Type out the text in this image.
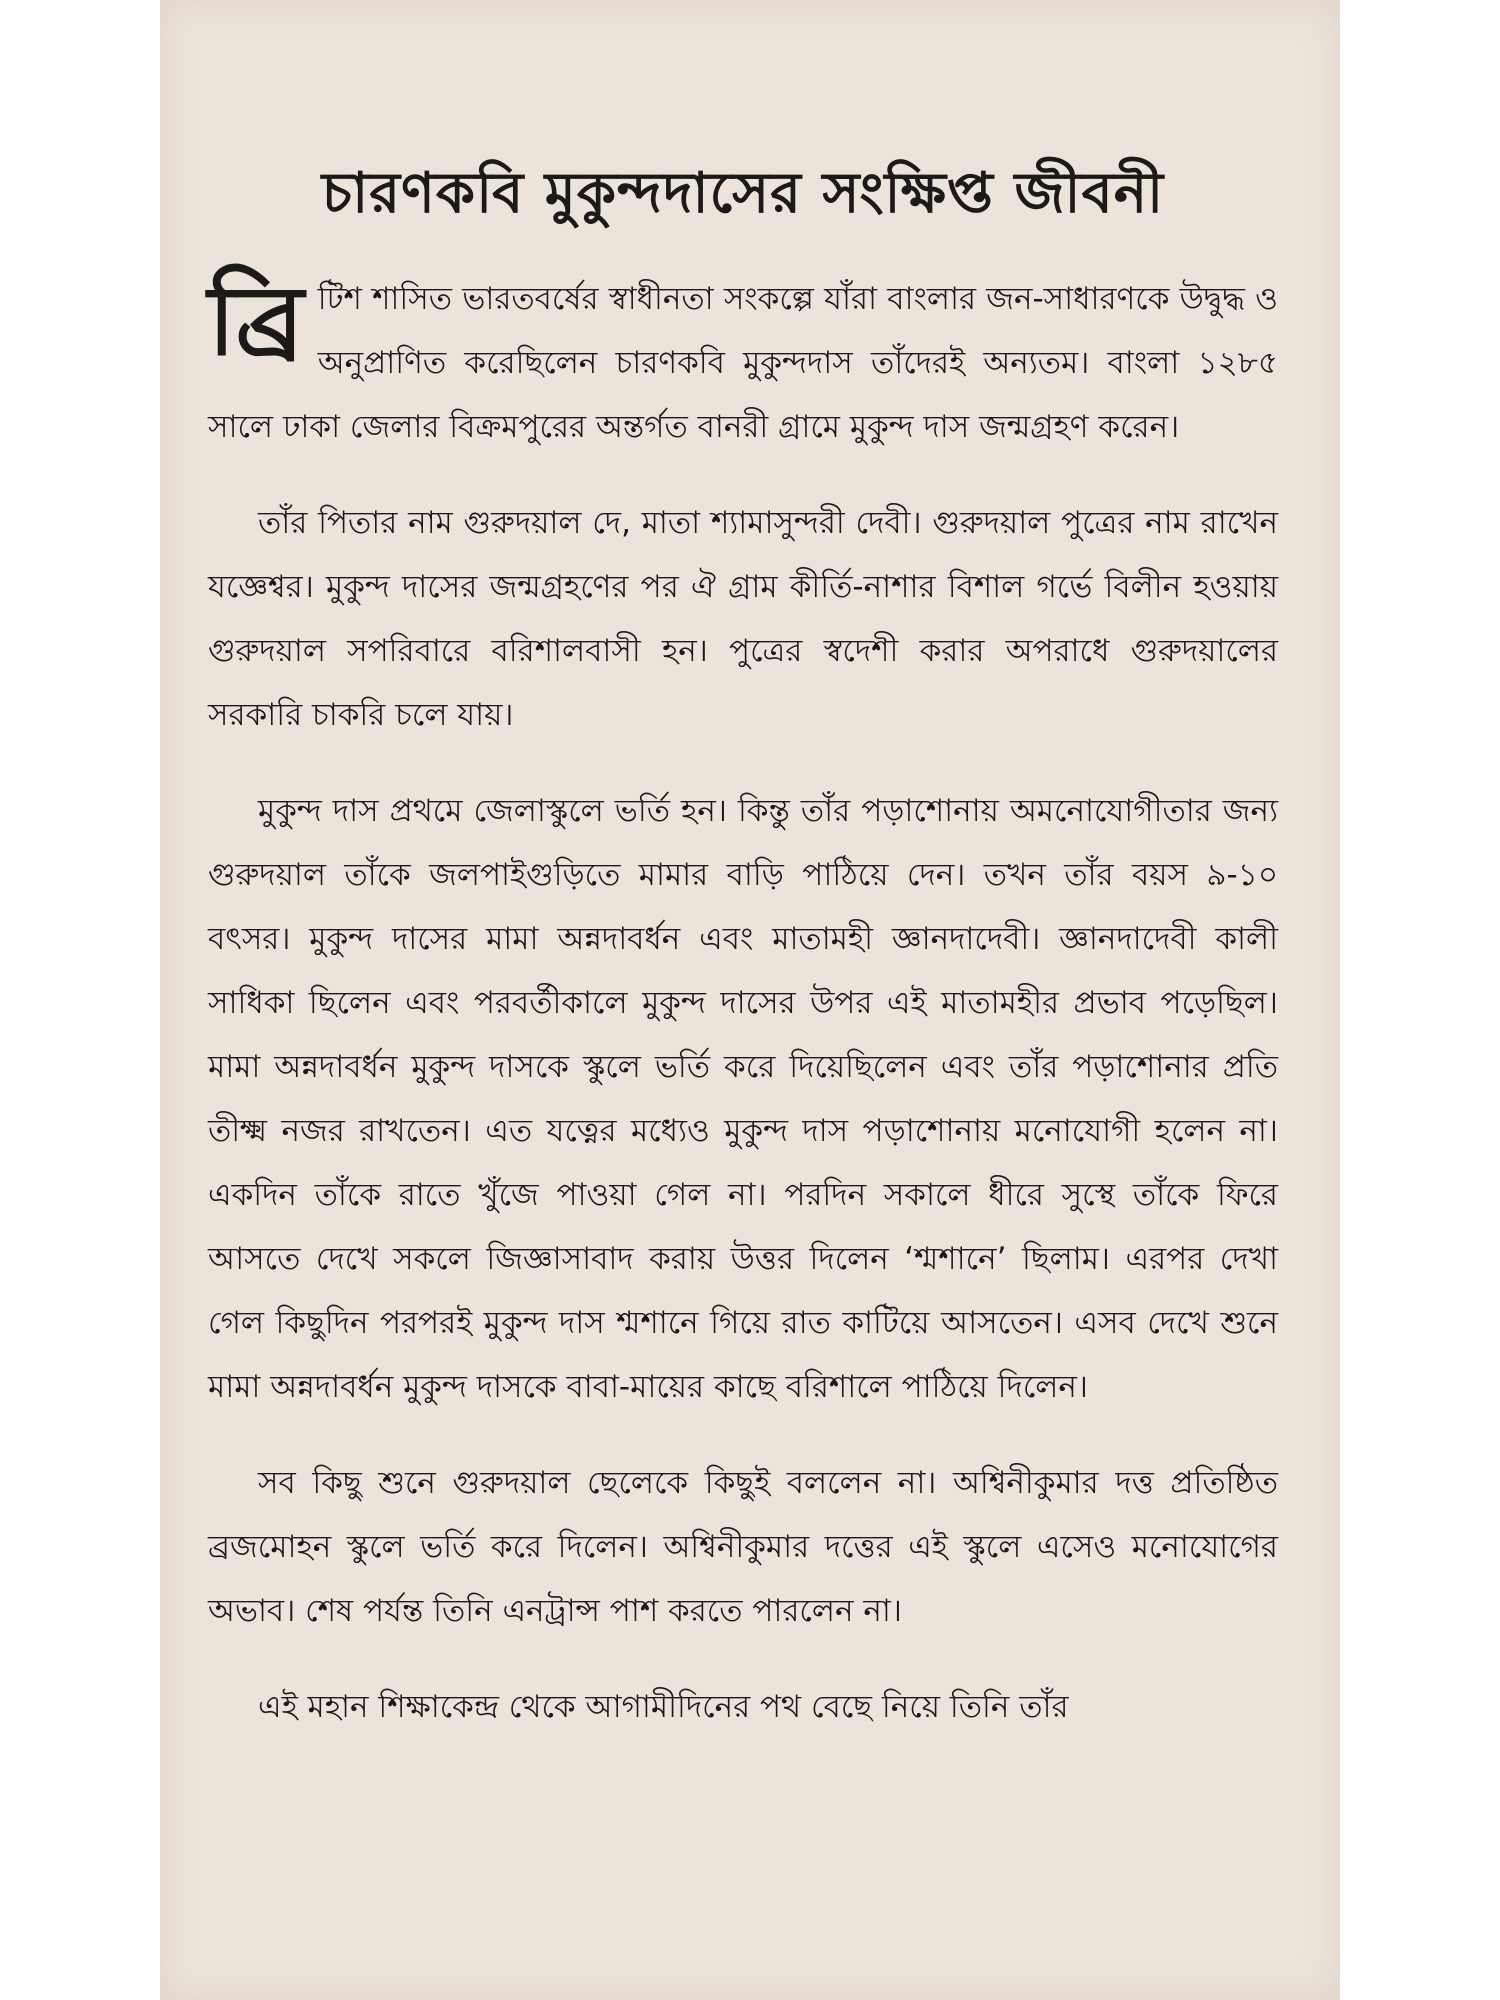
চারণকবি মুকুন্দদাসের সংক্ষিপ্ত জীবনী

ব্রি টিশ শাসিত ভারতবর্ষের স্বাধীনতা সংকল্পে যাঁরা বাংলার জন-সাধারণকে উদ্বুদ্ধ ও অনুপ্রাণিত করেছিলেন চারণকবি মুকুন্দদাস তাঁদেরই অন্যতম। বাংলা ১২৮৫ সালে ঢাকা জেলার বিক্রমপুরের অন্তর্গত বানরী গ্রামে মুকুন্দ দাস জন্মগ্রহণ করেন।

তাঁর পিতার নাম গুরুদয়াল দে, মাতা শ্যামাসুন্দরী দেবী। গুরুদয়াল পুত্রের নাম রাখেন যজ্ঞেশ্বর। মুকুন্দ দাসের জন্মগ্রহণের পর ঐ গ্রাম কীর্তি-নাশার বিশাল গর্ভে বিলীন হওয়ায় গুরুদয়াল সপরিবারে বরিশালবাসী হন। পুত্রের স্বদেশী করার অপরাধে গুরুদয়ালের সরকারি চাকরি চলে যায়।

মুকুন্দ দাস প্রথমে জেলাস্কুলে ভর্তি হন। কিন্তু তাঁর পড়াশোনায় অমনোযোগীতার জন্য গুরুদয়াল তাঁকে জলপাইগুড়িতে মামার বাড়ি পাঠিয়ে দেন। তখন তাঁর বয়স ৯-১০ বৎসর। মুকুন্দ দাসের মামা অন্নদাবর্ধন এবং মাতামহী জ্ঞানদাদেবী। জ্ঞানদাদেবী কালী সাধিকা ছিলেন এবং পরবর্তীকালে মুকুন্দ দাসের উপর এই মাতামহীর প্রভাব পড়েছিল। মামা অন্নদাবর্ধন মুকুন্দ দাসকে স্কুলে ভর্তি করে দিয়েছিলেন এবং তাঁর পড়াশোনার প্রতি তীক্ষ্ম নজর রাখতেন। এত যত্নের মধ্যেও মুকুন্দ দাস পড়াশোনায় মনোযোগী হলেন না। একদিন তাঁকে রাতে খুঁজে পাওয়া গেল না। পরদিন সকালে ধীরে সুস্থে তাঁকে ফিরে আসতে দেখে সকলে জিজ্ঞাসাবাদ করায় উত্তর দিলেন ‘শ্মশানে’ ছিলাম। এরপর দেখা গেল কিছুদিন পরপরই মুকুন্দ দাস শ্মশানে গিয়ে রাত কাটিয়ে আসতেন। এসব দেখে শুনে মামা অন্নদাবর্ধন মুকুন্দ দাসকে বাবা-মায়ের কাছে বরিশালে পাঠিয়ে দিলেন।

সব কিছু শুনে গুরুদয়াল ছেলেকে কিছুই বললেন না। অশ্বিনীকুমার দত্ত প্রতিষ্ঠিত ব্রজমোহন স্কুলে ভর্তি করে দিলেন। অশ্বিনীকুমার দত্তের এই স্কুলে এসেও মনোযোগের অভাব। শেষ পর্যন্ত তিনি এনট্রান্স পাশ করতে পারলেন না।

এই মহান শিক্ষাকেন্দ্র থেকে আগামীদিনের পথ বেছে নিয়ে তিনি তাঁর
